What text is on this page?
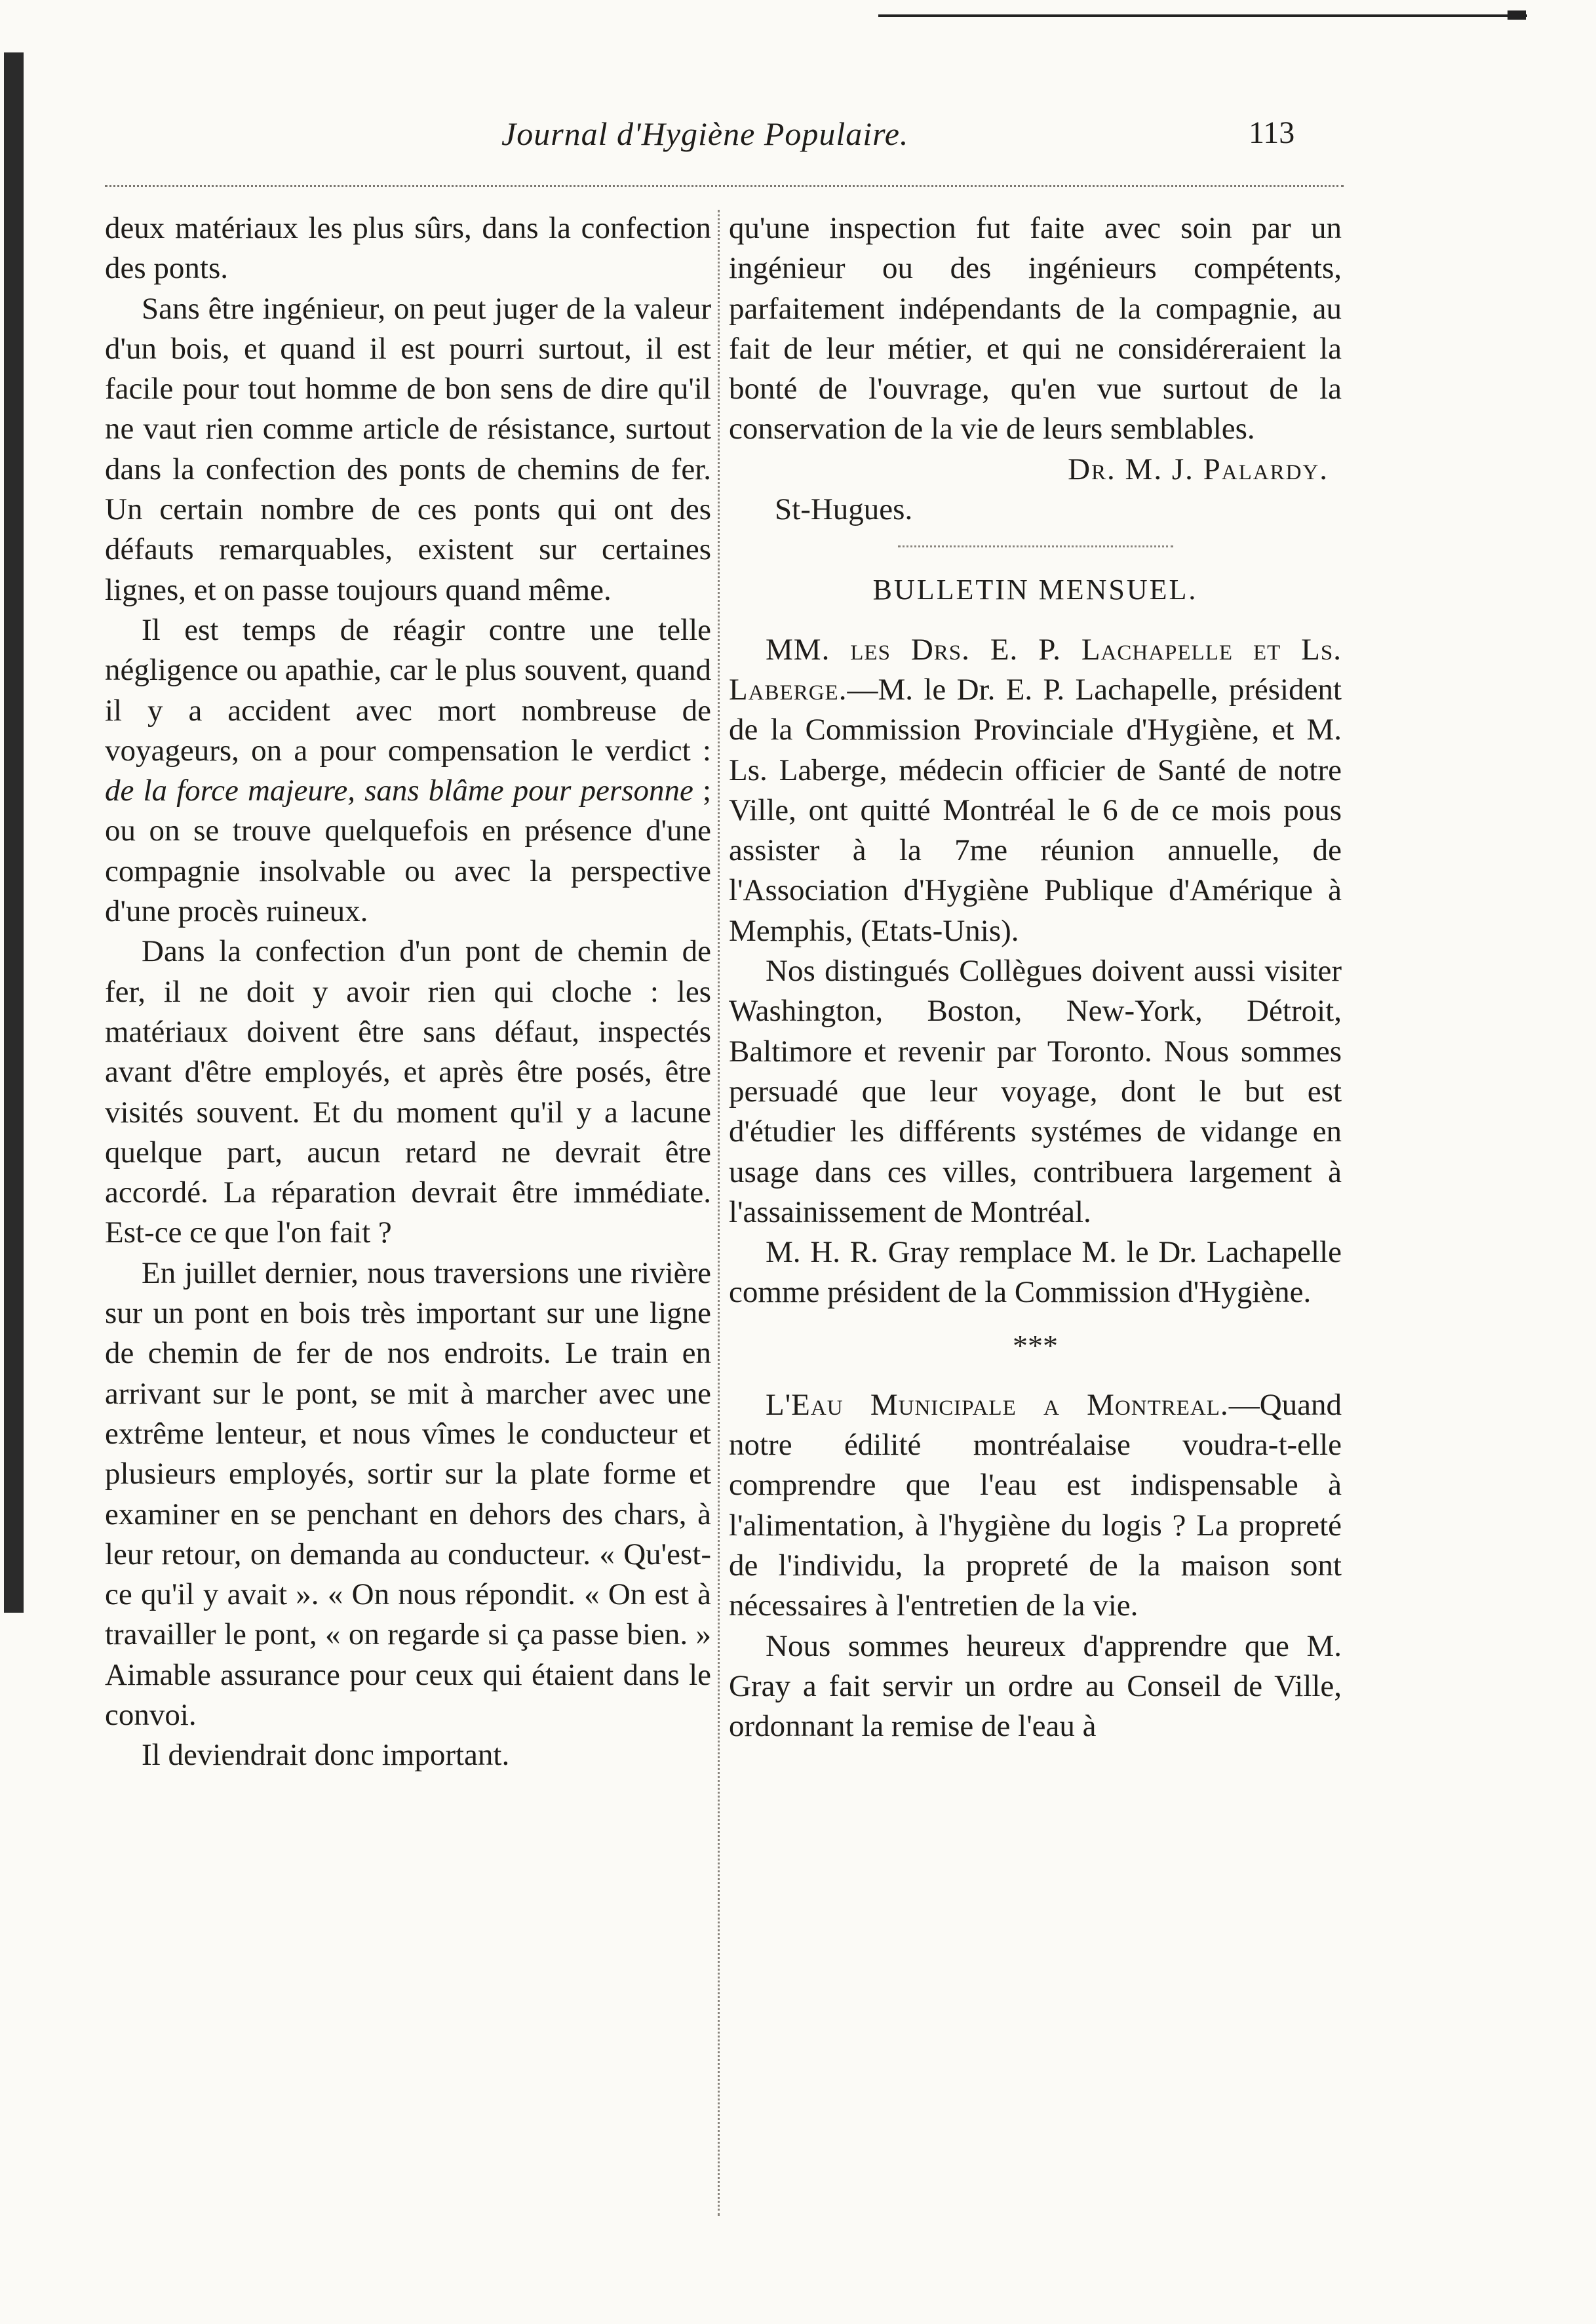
Journal d'Hygiène Populaire.	113

deux matériaux les plus sûrs, dans la confection des ponts.

Sans être ingénieur, on peut juger de la valeur d'un bois, et quand il est pourri surtout, il est facile pour tout homme de bon sens de dire qu'il ne vaut rien comme article de résistance, surtout dans la confection des ponts de chemins de fer. Un certain nombre de ces ponts qui ont des défauts remarquables, existent sur certaines lignes, et on passe toujours quand même.

Il est temps de réagir contre une telle négligence ou apathie, car le plus souvent, quand il y a accident avec mort nombreuse de voyageurs, on a pour compensation le verdict : de la force majeure, sans blâme pour personne ; ou on se trouve quelquefois en présence d'une compagnie insolvable ou avec la perspective d'une procès ruineux.

Dans la confection d'un pont de chemin de fer, il ne doit y avoir rien qui cloche : les matériaux doivent être sans défaut, inspectés avant d'être employés, et après être posés, être visités souvent. Et du moment qu'il y a lacune quelque part, aucun retard ne devrait être accordé. La réparation devrait être immédiate. Est-ce ce que l'on fait ?

En juillet dernier, nous traversions une rivière sur un pont en bois très important sur une ligne de chemin de fer de nos endroits. Le train en arrivant sur le pont, se mit à marcher avec une extrême lenteur, et nous vîmes le conducteur et plusieurs employés, sortir sur la plate forme et examiner en se penchant en dehors des chars, à leur retour, on demanda au conducteur. « Qu'est-ce qu'il y avait ». « On nous répondit. « On est à travailler le pont, « on regarde si ça passe bien. » Aimable assurance pour ceux qui étaient dans le convoi.

Il deviendrait donc important.

qu'une inspection fut faite avec soin par un ingénieur ou des ingénieurs compétents, parfaitement indépendants de la compagnie, au fait de leur métier, et qui ne considéreraient la bonté de l'ouvrage, qu'en vue surtout de la conservation de la vie de leurs semblables.

Dr. M. J. Palardy.

St-Hugues.

BULLETIN MENSUEL.

MM. les Drs. E. P. Lachapelle et Ls. Laberge.—M. le Dr. E. P. Lachapelle, président de la Commission Provinciale d'Hygiène, et M. Ls. Laberge, médecin officier de Santé de notre Ville, ont quitté Montréal le 6 de ce mois pous assister à la 7me réunion annuelle, de l'Association d'Hygiène Publique d'Amérique à Memphis, (Etats-Unis).

Nos distingués Collègues doivent aussi visiter Washington, Boston, New-York, Détroit, Baltimore et revenir par Toronto. Nous sommes persuadé que leur voyage, dont le but est d'étudier les différents systémes de vidange en usage dans ces villes, contribuera largement à l'assainissement de Montréal.

M. H. R. Gray remplace M. le Dr. Lachapelle comme président de la Commission d'Hygiène.

***

L'Eau Municipale a Montreal.—Quand notre édilité montréalaise voudra-t-elle comprendre que l'eau est indispensable à l'alimentation, à l'hygiène du logis ? La propreté de l'individu, la propreté de la maison sont nécessaires à l'entretien de la vie.

Nous sommes heureux d'apprendre que M. Gray a fait servir un ordre au Conseil de Ville, ordonnant la remise de l'eau à
